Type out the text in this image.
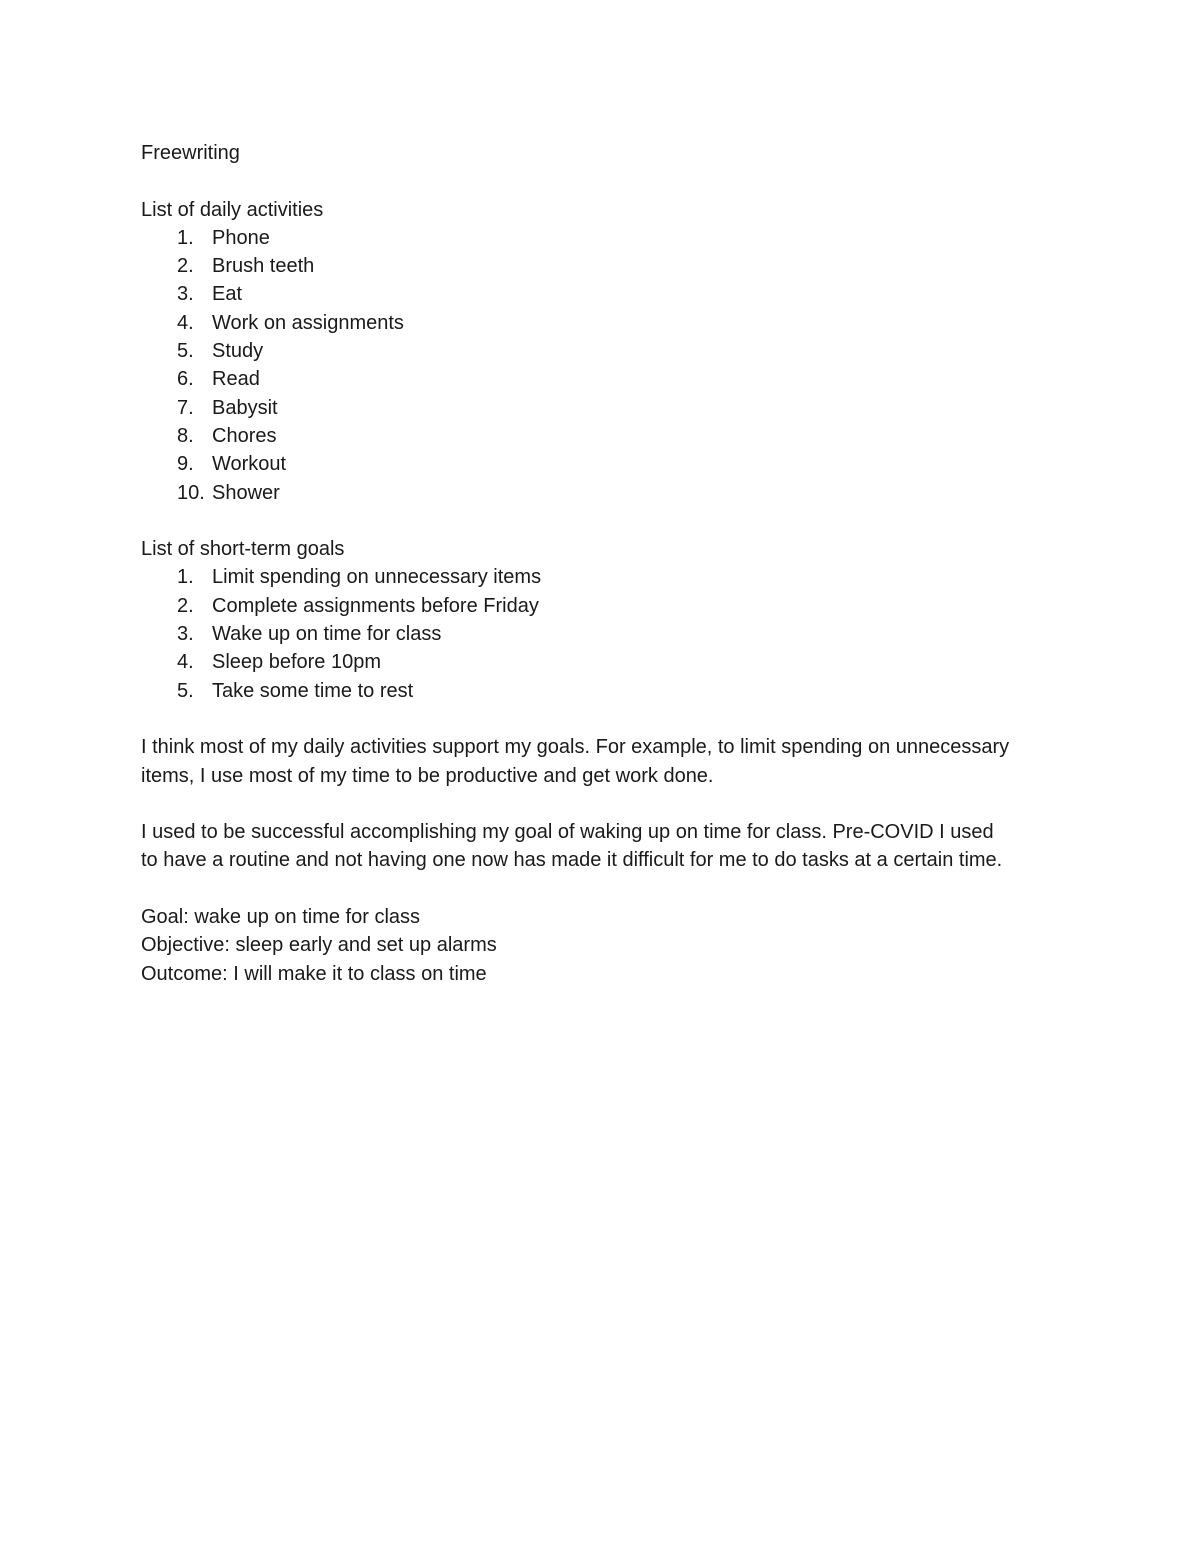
Freewriting
List of daily activities
1. Phone
2. Brush teeth
3. Eat
4. Work on assignments
5. Study
6. Read
7. Babysit
8. Chores
9. Workout
10. Shower
List of short-term goals
1. Limit spending on unnecessary items
2. Complete assignments before Friday
3. Wake up on time for class
4. Sleep before 10pm
5. Take some time to rest

I think most of my daily activities support my goals. For example, to limit spending on unnecessary items, I use most of my time to be productive and get work done.

I used to be successful accomplishing my goal of waking up on time for class. Pre-COVID I used to have a routine and not having one now has made it difficult for me to do tasks at a certain time.

Goal: wake up on time for class
Objective: sleep early and set up alarms
Outcome: I will make it to class on time
